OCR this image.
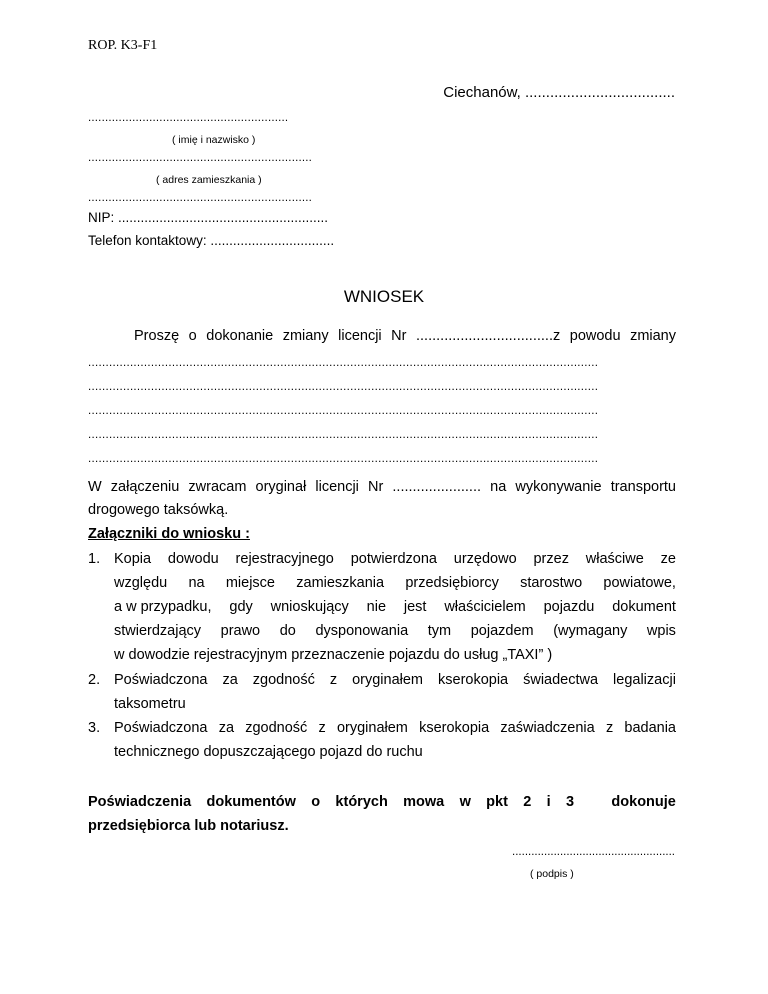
ROP. K3-F1
Ciechanów, ....................................
...........................................................
( imię i nazwisko )
..................................................................
( adres zamieszkania )
..................................................................
NIP: ........................................................
Telefon kontaktowy: .................................
WNIOSEK
Proszę o dokonanie zmiany licencji Nr ..................................z powodu zmiany
..................................................................................................................................................
..................................................................................................................................................
..................................................................................................................................................
..................................................................................................................................................
..................................................................................................................................................
W załączeniu zwracam oryginał licencji Nr ...................... na wykonywanie transportu
drogowego taksówką.
Załączniki do wniosku :
1. Kopia dowodu rejestracyjnego potwierdzona urzędowo przez właściwe ze
względu na miejsce zamieszkania przedsiębiorcy starostwo powiatowe,
a w przypadku, gdy wnioskujący nie jest właścicielem pojazdu dokument
stwierdzający prawo do dysponowania tym pojazdem (wymagany wpis
w dowodzie rejestracyjnym przeznaczenie pojazdu do usług „TAXI” )
2. Poświadczona za zgodność z oryginałem kserokopia świadectwa legalizacji
taksometru
3. Poświadczona za zgodność z oryginałem kserokopia zaświadczenia z badania
technicznego dopuszczającego pojazd do ruchu
Poświadczenia dokumentów o których mowa w pkt 2 i 3	dokonuje
przedsiębiorca lub notariusz.
...................................................
( podpis )
